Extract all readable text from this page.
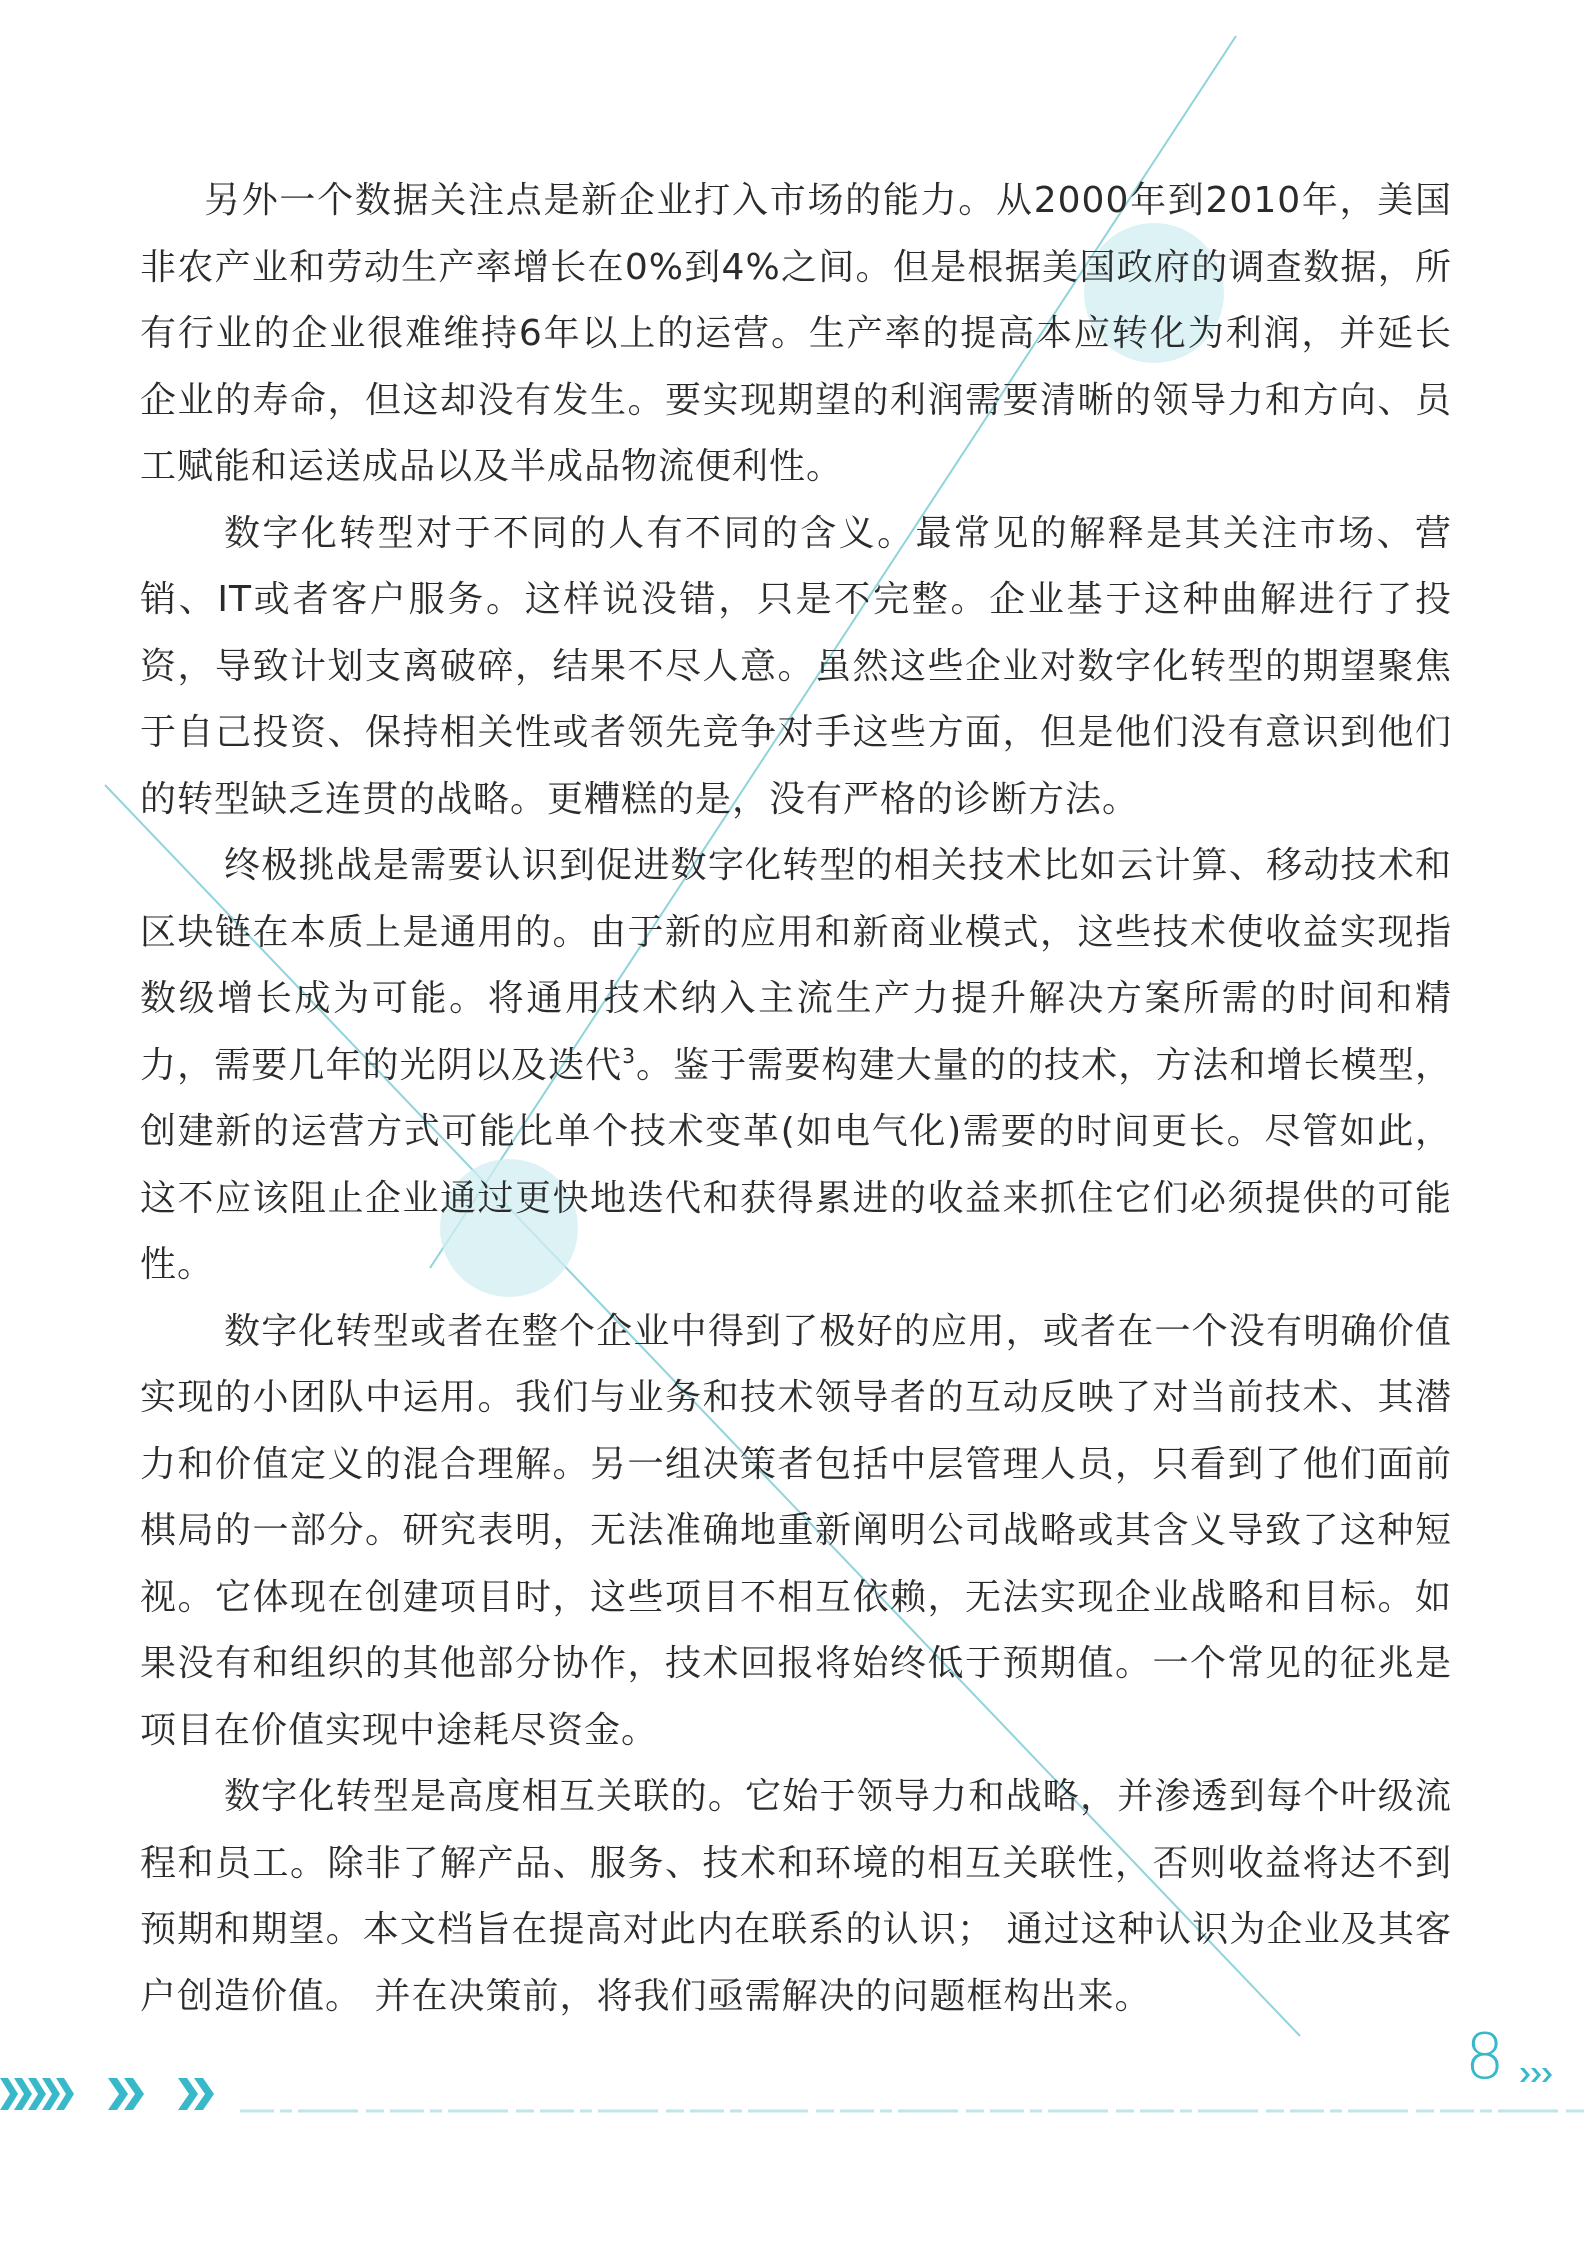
另外一个数据关注点是新企业打入市场的能力。从2000年到2010年，美国非农产业和劳动生产率增长在0%到4%之间。但是根据美国政府的调查数据，所有行业的企业很难维持6年以上的运营。生产率的提高本应转化为利润，并延长企业的寿命，但这却没有发生。要实现期望的利润需要清晰的领导力和方向、员工赋能和运送成品以及半成品物流便利性。

数字化转型对于不同的人有不同的含义。最常见的解释是其关注市场、营销、IT或者客户服务。这样说没错，只是不完整。企业基于这种曲解进行了投资，导致计划支离破碎，结果不尽人意。虽然这些企业对数字化转型的期望聚焦于自己投资、保持相关性或者领先竞争对手这些方面，但是他们没有意识到他们的转型缺乏连贯的战略。更糟糕的是，没有严格的诊断方法。

终极挑战是需要认识到促进数字化转型的相关技术比如云计算、移动技术和区块链在本质上是通用的。由于新的应用和新商业模式，这些技术使收益实现指数级增长成为可能。将通用技术纳入主流生产力提升解决方案所需的时间和精力，需要几年的光阴以及迭代$^3$。鉴于需要构建大量的的技术，方法和增长模型，创建新的运营方式可能比单个技术变革(如电气化)需要的时间更长。尽管如此，这不应该阻止企业通过更快地迭代和获得累进的收益来抓住它们必须提供的可能性。

数字化转型或者在整个企业中得到了极好的应用，或者在一个没有明确价值实现的小团队中运用。我们与业务和技术领导者的互动反映了对当前技术、其潜力和价值定义的混合理解。另一组决策者包括中层管理人员，只看到了他们面前棋局的一部分。研究表明，无法准确地重新阐明公司战略或其含义导致了这种短视。它体现在创建项目时，这些项目不相互依赖，无法实现企业战略和目标。如果没有和组织的其他部分协作，技术回报将始终低于预期值。一个常见的征兆是项目在价值实现中途耗尽资金。

数字化转型是高度相互关联的。它始于领导力和战略，并渗透到每个叶级流程和员工。除非了解产品、服务、技术和环境的相互关联性，否则收益将达不到预期和期望。本文档旨在提高对此内在联系的认识； 通过这种认识为企业及其客户创造价值。 并在决策前，将我们亟需解决的问题框构出来。

8
